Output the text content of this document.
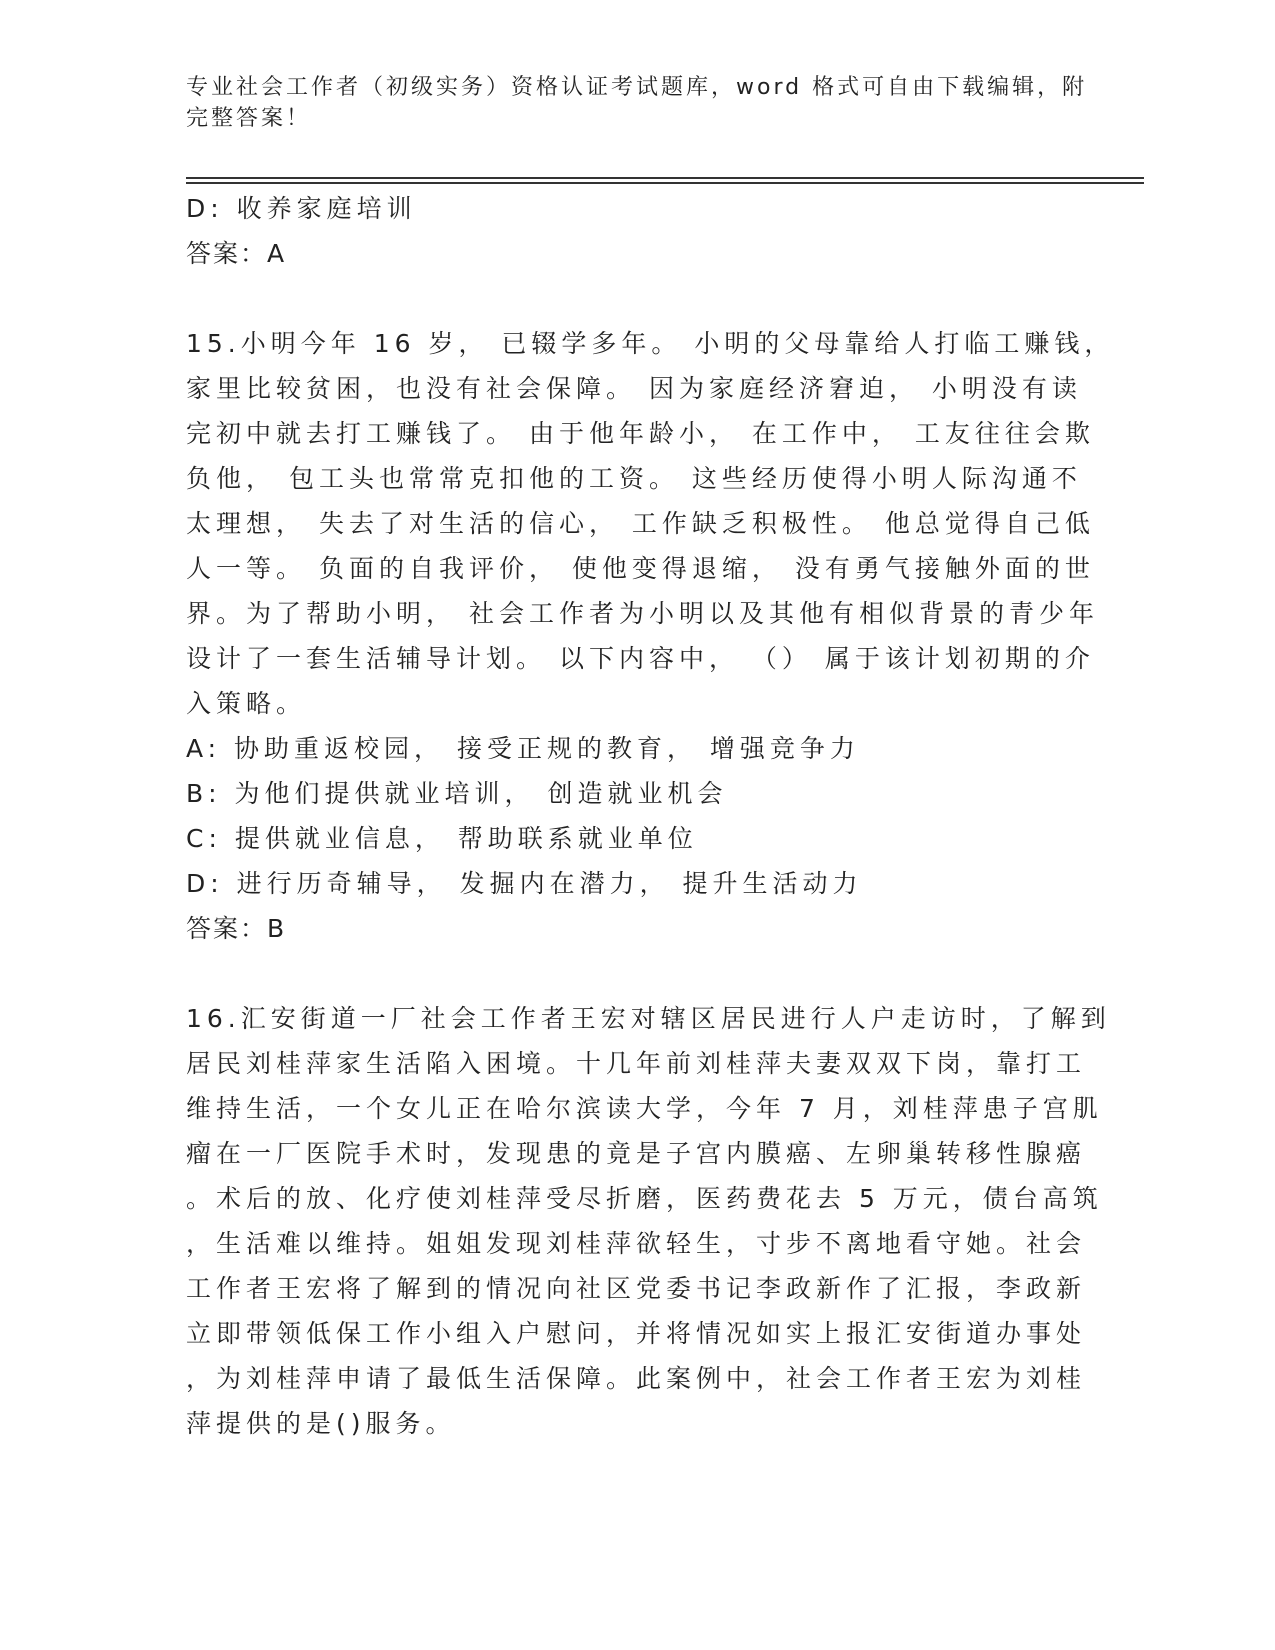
专业社会工作者（初级实务）资格认证考试题库，word 格式可自由下载编辑，附
完整答案！
D: 收养家庭培训
答案：A
15.小明今年 16 岁， 已辍学多年。 小明的父母靠给人打临工赚钱，
家里比较贫困，也没有社会保障。 因为家庭经济窘迫， 小明没有读
完初中就去打工赚钱了。 由于他年龄小， 在工作中， 工友往往会欺
负他， 包工头也常常克扣他的工资。 这些经历使得小明人际沟通不
太理想， 失去了对生活的信心， 工作缺乏积极性。 他总觉得自己低
人一等。 负面的自我评价， 使他变得退缩， 没有勇气接触外面的世
界。为了帮助小明， 社会工作者为小明以及其他有相似背景的青少年
设计了一套生活辅导计划。 以下内容中， （） 属于该计划初期的介
入策略。
A: 协助重返校园， 接受正规的教育， 增强竞争力
B: 为他们提供就业培训， 创造就业机会
C: 提供就业信息， 帮助联系就业单位
D: 进行历奇辅导， 发掘内在潜力， 提升生活动力
答案：B
16.汇安街道一厂社会工作者王宏对辖区居民进行人户走访时，了解到
居民刘桂萍家生活陷入困境。十几年前刘桂萍夫妻双双下岗，靠打工
维持生活，一个女儿正在哈尔滨读大学，今年 7 月，刘桂萍患子宫肌
瘤在一厂医院手术时，发现患的竟是子宫内膜癌、左卵巢转移性腺癌
。术后的放、化疗使刘桂萍受尽折磨，医药费花去 5 万元，债台高筑
，生活难以维持。姐姐发现刘桂萍欲轻生，寸步不离地看守她。社会
工作者王宏将了解到的情况向社区党委书记李政新作了汇报，李政新
立即带领低保工作小组入户慰问，并将情况如实上报汇安街道办事处
，为刘桂萍申请了最低生活保障。此案例中，社会工作者王宏为刘桂
萍提供的是()服务。
